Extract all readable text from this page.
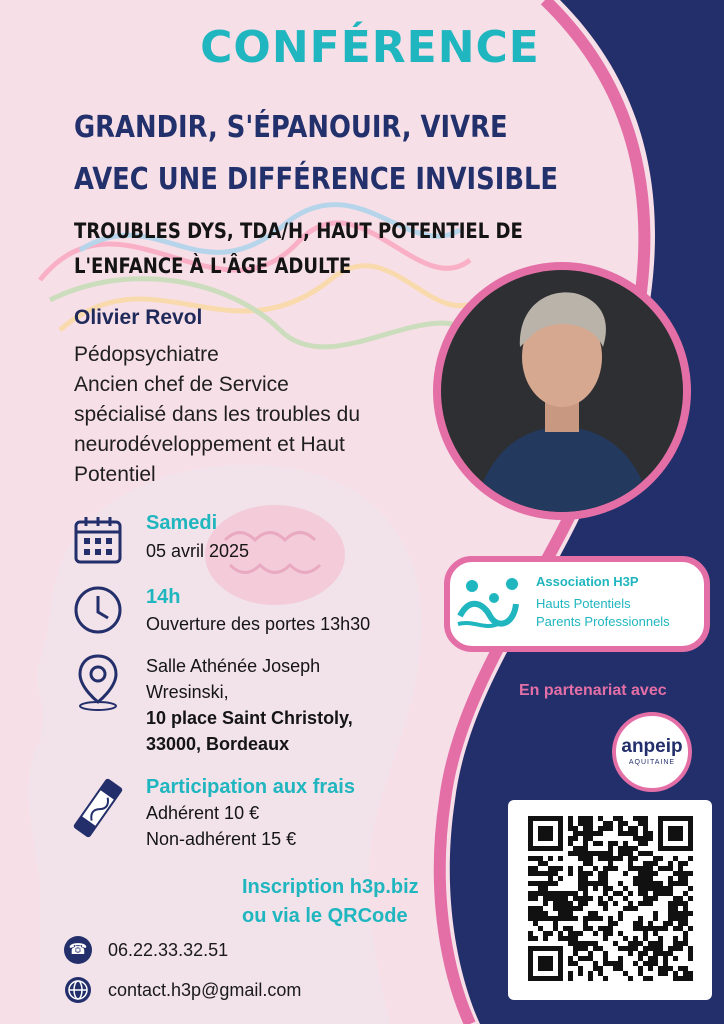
CONFÉRENCE
GRANDIR, S'ÉPANOUIR, VIVRE
AVEC UNE DIFFÉRENCE INVISIBLE
TROUBLES DYS, TDA/H, HAUT POTENTIEL DE
L'ENFANCE À L'ÂGE ADULTE
Olivier Revol
Pédopsychiatre
Ancien chef de Service
spécialisé dans les troubles du
neurodéveloppement et Haut
Potentiel
Samedi
05 avril 2025
14h
Ouverture des portes 13h30
Salle Athénée Joseph
Wresinski,
10 place Saint Christoly,
33000, Bordeaux
Participation aux frais
Adhérent 10 €
Non-adhérent 15 €
Inscription h3p.biz
ou via le QRCode
☎ 06.22.33.32.51
contact.h3p@gmail.com
Association H3P
Hauts Potentiels
Parents Professionnels
En partenariat avec
anpeip
AQUITAINE
